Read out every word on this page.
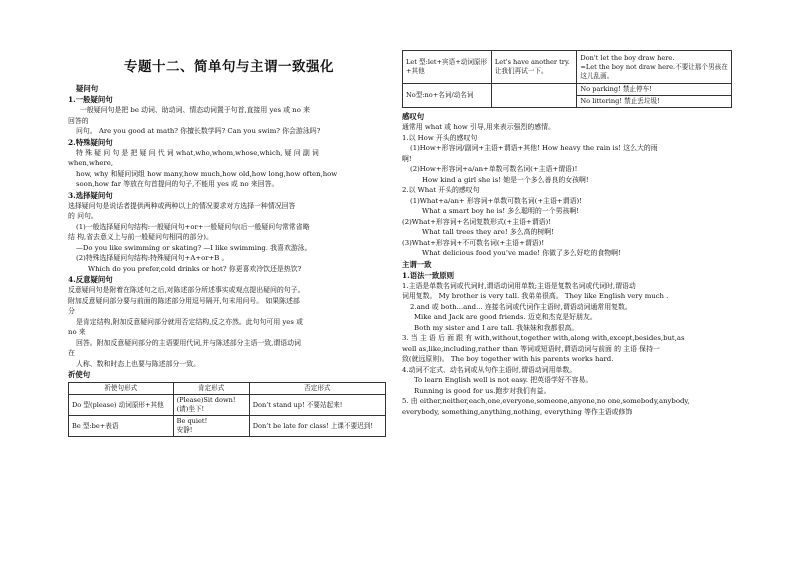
专题十二、简单句与主谓一致强化

疑问句

1.一般疑问句

一般疑问句是把 be 动词、助动词、情态动词置于句首,直接用 yes 或 no 来

回答的

问句。 Are you good at math? 你擅长数学吗? Can you swim? 你会游泳吗?

2.特殊疑问句

特 殊 疑 问 句 是 把 疑 问 代 词 what,who,whom,whose,which, 疑 问 副 词

when,where,

how, why 和疑问词组 how many,how much,how old,how long,how often,how

soon,how far 等放在句首提问的句子,不能用 yes 或 no 来回答。

3.选择疑问句

选择疑问句是说话者提供两种或两种以上的情况要求对方选择一种情况回答

的 问句。

(1)一般选择疑问句结构:一般疑问句+or+一般疑问句(后一般疑问句常常省略

结 构,省去意义上与前一般疑问句相同的部分)。

—Do you like swimming or skating? —I like swimming. 我喜欢游泳。

(2)特殊选择疑问句结构:特殊疑问句+A+or+B 。

Which do you prefer,cold drinks or hot? 你更喜欢冷饮还是热饮?

4.反意疑问句

反意疑问句是附着在陈述句之后,对陈述部分所述事实或观点提出疑问的句子。

附加反意疑问部分要与前面的陈述部分用逗号隔开,句末用问号。 如果陈述部

分

是肯定结构,附加反意疑问部分就用否定结构,反之亦然。此句句可用 yes 或

no 来

回答。附加反意疑问部分的主语要用代词,并与陈述部分主语一致,谓语动词

在

人称、数和时态上也要与陈述部分一致。

祈使句

祈使句形式	肯定形式	否定形式
Do 型(please) 动词原形+其他	(Please)Sit down!(请)坐下!	Don’t stand up! 不要站起来!
Be 型:be+表语	Be quiet!
安静!	Don’t be late for class! 上课不要迟到!
Let 型:let+宾语+动词原形+其他	Let's have another try.
让我们再试一下。	Don't let the boy draw here.
=Let the boy not draw here.不要让那个男孩在这儿乱画。
No型:no+名词/动名词		No parking! 禁止停车!
		No littering! 禁止丢垃圾!

感叹句

通常用 what 或 how 引导,用来表示强烈的感情。

1.以 How 开头的感叹句

(1)How+形容词/副词+主语+谓语+其他! How heavy the rain is! 这么大的雨

啊!

(2)How+形容词+a/an+单数可数名词(+主语+谓语)!

How kind a girl she is! 她是一个多么善良的女孩啊!

2.以 What 开头的感叹句

(1)What+a/an+ 形容词+单数可数名词(+主语+谓语)!

What a smart boy he is! 多么聪明的一个男孩啊!

(2)What+形容词+名词复数形式(+主语+谓语)!

What tall trees they are! 多么高的树啊!

(3)What+形容词+不可数名词(+主语+谓语)!

What delicious food you’ve made! 你做了多么好吃的食物啊!

主谓一致

1.语法一致原则

1.主语是单数名词或代词时,谓语动词用单数;主语是复数名词或代词时,谓语动

词用复数。 My brother is very tall. 我弟弟很高。 They like English very much .

2.and 或 both...and... 连接名词或代词作主语时,谓语动词通常用复数。

Mike and Jack are good friends. 迈克和杰克是好朋友。

Both my sister and I are tall. 我妹妹和我都很高。

3. 当 主 语 后 面 跟 有 with,without,together with,along with,except,besides,but,as

well as,like,including,rather than 等词或短语时,谓语动词与前面 的 主语 保持一

致(就远原则)。 The boy together with his parents works hard.

4.动词不定式、动名词或从句作主语时,谓语动词用单数。

To learn English well is not easy. 把英语学好不容易。

Running is good for us.跑步对我们有益。

5. 由 either,neither,each,one,everyone,someone,anyone,no one,somebody,anybody,

everybody, something,anything,nothing, everything 等作主语或修饰
